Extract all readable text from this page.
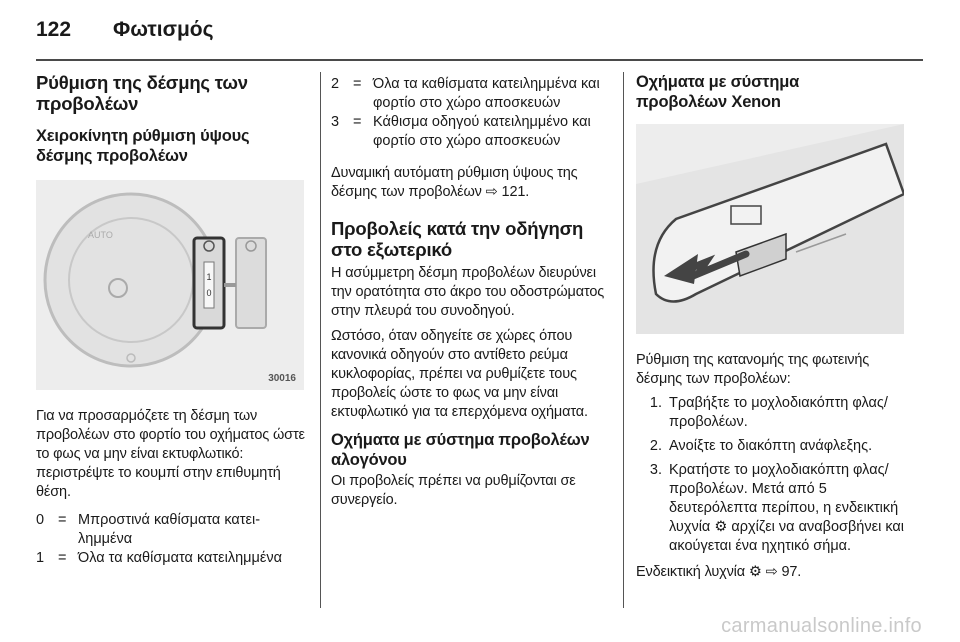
122 Φωτισμός
Ρύθμιση της δέσμης των προβολέων
Χειροκίνητη ρύθμιση ύψους δέσμης προβολέων
AUTO
1
0
30016

Για να προσαρμόζετε τη δέσμη των προβολέων στο φορτίο του οχήματος ώστε το φως να μην είναι εκτυφλωτικό: περιστρέψτε το κουμπί στην επιθυμητή θέση.

0 = Μπροστινά καθίσματα κατειλημμένα
1 = Όλα τα καθίσματα κατειλημμένα
2 = Όλα τα καθίσματα κατειλημμένα και φορτίο στο χώρο αποσκευών
3 = Κάθισμα οδηγού κατειλημμένο και φορτίο στο χώρο αποσκευών

Δυναμική αυτόματη ρύθμιση ύψους της δέσμης των προβολέων ⇨ 121.

Προβολείς κατά την οδήγηση στο εξωτερικό

Η ασύμμετρη δέσμη προβολέων διευρύνει την ορατότητα στο άκρο του οδοστρώματος στην πλευρά του συνοδηγού.

Ωστόσο, όταν οδηγείτε σε χώρες όπου κανονικά οδηγούν στο αντίθετο ρεύμα κυκλοφορίας, πρέπει να ρυθμίζετε τους προβολείς ώστε το φως να μην είναι εκτυφλωτικό για τα επερχόμενα οχήματα.

Οχήματα με σύστημα προβολέων αλογόνου

Οι προβολείς πρέπει να ρυθμίζονται σε συνεργείο.

Οχήματα με σύστημα προβολέων Xenon

Ρύθμιση της κατανομής της φωτεινής δέσμης των προβολέων:

1. Τραβήξτε το μοχλοδιακόπτη φλας/προβολέων.
2. Ανοίξτε το διακόπτη ανάφλεξης.
3. Κρατήστε το μοχλοδιακόπτη φλας/προβολέων. Μετά από 5 δευτερόλεπτα περίπου, η ενδεικτική λυχνία ⚙ αρχίζει να αναβοσβήνει και ακούγεται ένα ηχητικό σήμα.

Ενδεικτική λυχνία ⚙ ⇨ 97.

carmanualsonline.info
